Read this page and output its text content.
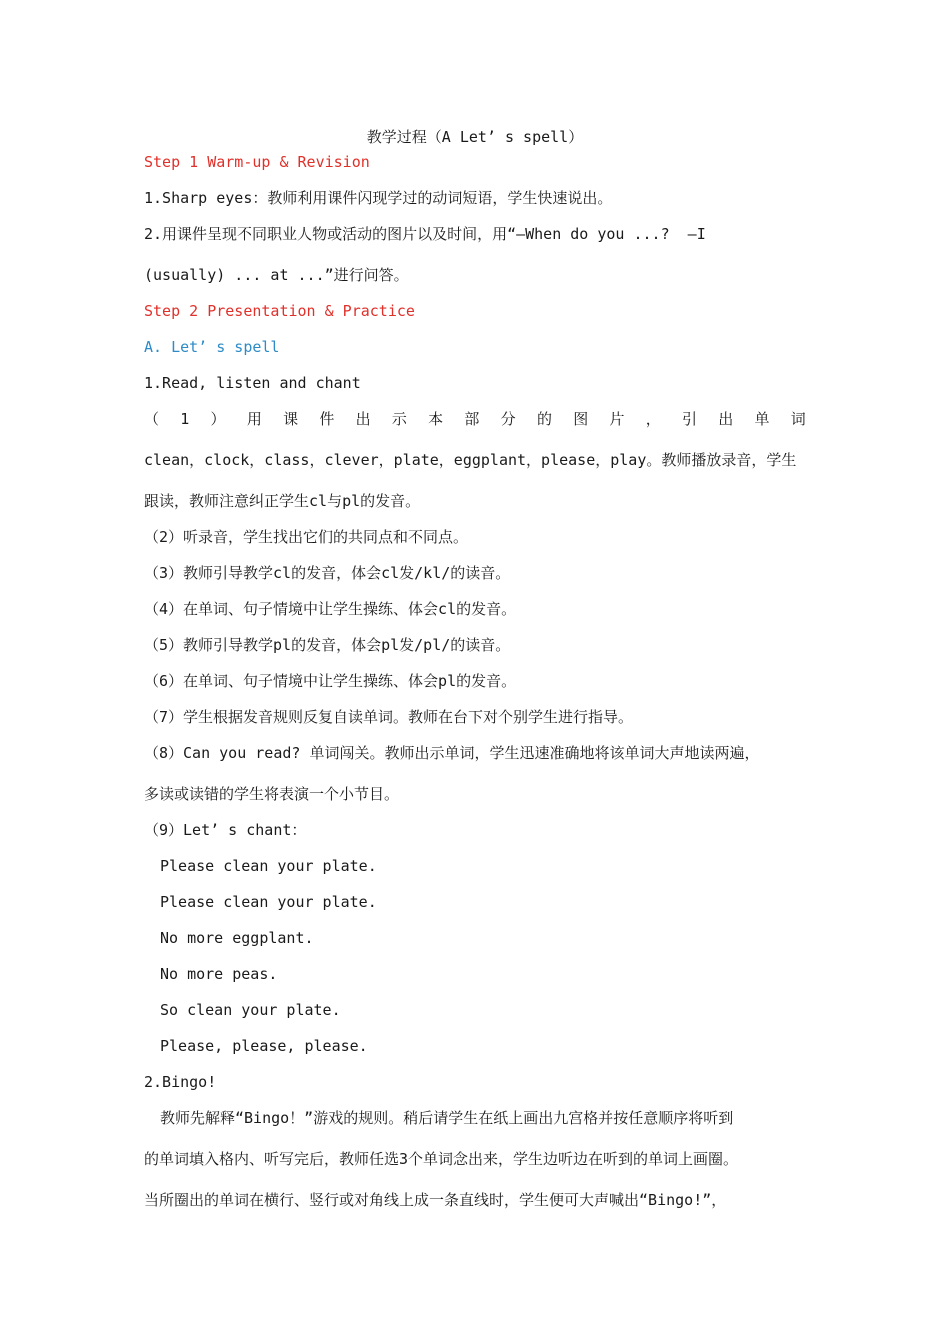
教学过程（A Let’ s spell）
Step 1 Warm-up & Revision
1.Sharp eyes：教师利用课件闪现学过的动词短语，学生快速说出。
2.用课件呈现不同职业人物或活动的图片以及时间，用“—When do you ...?  —I
(usually) ... at ...”进行问答。
Step 2 Presentation & Practice
A. Let’ s spell
1.Read, listen and chant
（ 1 ） 用 课 件 出 示 本 部 分 的 图 片 ， 引 出 单 词
clean，clock，class，clever，plate，eggplant，please，play。教师播放录音，学生
跟读，教师注意纠正学生cl与pl的发音。
（2）听录音，学生找出它们的共同点和不同点。
（3）教师引导教学cl的发音，体会cl发/kl/的读音。
（4）在单词、句子情境中让学生操练、体会cl的发音。
（5）教师引导教学pl的发音，体会pl发/pl/的读音。
（6）在单词、句子情境中让学生操练、体会pl的发音。
（7）学生根据发音规则反复自读单词。教师在台下对个别学生进行指导。
（8）Can you read? 单词闯关。教师出示单词，学生迅速准确地将该单词大声地读两遍，
多读或读错的学生将表演一个小节目。
（9）Let’ s chant：
Please clean your plate.
Please clean your plate.
No more eggplant.
No more peas.
So clean your plate.
Please, please, please.
2.Bingo!
教师先解释“Bingo！”游戏的规则。稍后请学生在纸上画出九宫格并按任意顺序将听到
的单词填入格内、听写完后，教师任选3个单词念出来，学生边听边在听到的单词上画圈。
当所圈出的单词在横行、竖行或对角线上成一条直线时，学生便可大声喊出“Bingo!”，
